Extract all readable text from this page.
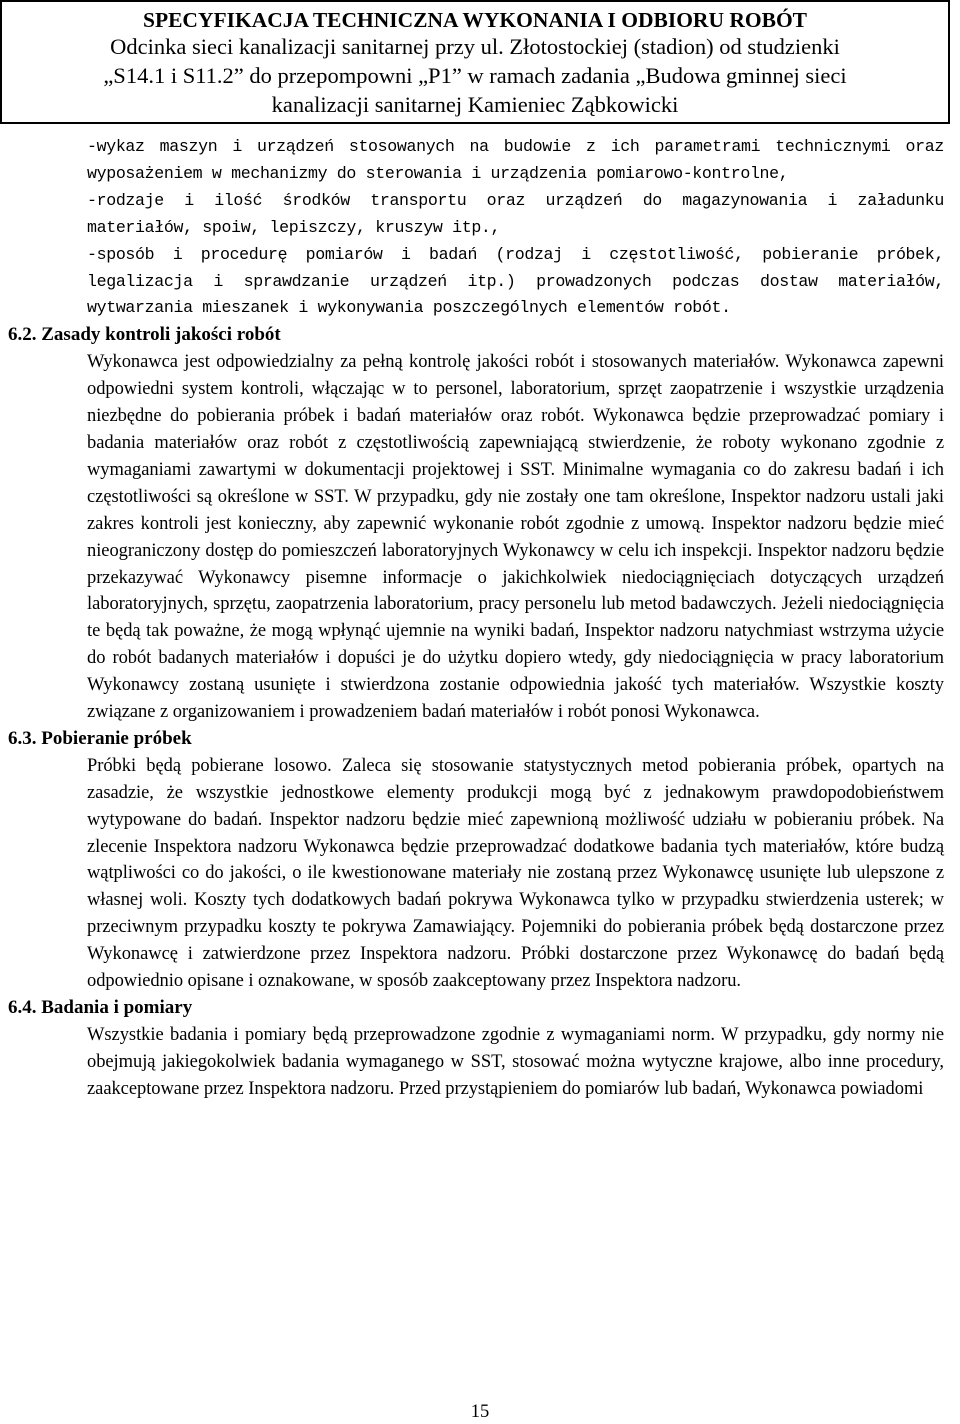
SPECYFIKACJA TECHNICZNA WYKONANIA I ODBIORU ROBÓT
Odcinka sieci kanalizacji sanitarnej przy ul. Złotostockiej (stadion) od studzienki
„S14.1 i S11.2” do przepompowni „P1” w ramach zadania „Budowa gminnej sieci
kanalizacji sanitarnej Kamieniec Ząbkowicki

-wykaz maszyn i urządzeń stosowanych na budowie z ich parametrami technicznymi oraz wyposażeniem w mechanizmy do sterowania i urządzenia pomiarowo-kontrolne,

-rodzaje i ilość środków transportu oraz urządzeń do magazynowania i załadunku materiałów, spoiw, lepiszczy, kruszyw itp.,

-sposób i procedurę pomiarów i badań (rodzaj i częstotliwość, pobieranie próbek, legalizacja i sprawdzanie urządzeń itp.) prowadzonych podczas dostaw materiałów, wytwarzania mieszanek i wykonywania poszczególnych elementów robót.

6.2. Zasady kontroli jakości robót

Wykonawca jest odpowiedzialny za pełną kontrolę jakości robót i stosowanych materiałów. Wykonawca zapewni odpowiedni system kontroli, włączając w to personel, laboratorium, sprzęt zaopatrzenie i wszystkie urządzenia niezbędne do pobierania próbek i badań materiałów oraz robót. Wykonawca będzie przeprowadzać pomiary i badania materiałów oraz robót z częstotliwością zapewniającą stwierdzenie, że roboty wykonano zgodnie z wymaganiami zawartymi w dokumentacji projektowej i SST. Minimalne wymagania co do zakresu badań i ich częstotliwości są określone w SST. W przypadku, gdy nie zostały one tam określone, Inspektor nadzoru ustali jaki zakres kontroli jest konieczny, aby zapewnić wykonanie robót zgodnie z umową. Inspektor nadzoru będzie mieć nieograniczony dostęp do pomieszczeń laboratoryjnych Wykonawcy w celu ich inspekcji. Inspektor nadzoru będzie przekazywać Wykonawcy pisemne informacje o jakichkolwiek niedociągnięciach dotyczących urządzeń laboratoryjnych, sprzętu, zaopatrzenia laboratorium, pracy personelu lub metod badawczych. Jeżeli niedociągnięcia te będą tak poważne, że mogą wpłynąć ujemnie na wyniki badań, Inspektor nadzoru natychmiast wstrzyma użycie do robót badanych materiałów i dopuści je do użytku dopiero wtedy, gdy niedociągnięcia w pracy laboratorium Wykonawcy zostaną usunięte i stwierdzona zostanie odpowiednia jakość tych materiałów. Wszystkie koszty związane z organizowaniem i prowadzeniem badań materiałów i robót ponosi Wykonawca.

6.3. Pobieranie próbek

Próbki będą pobierane losowo. Zaleca się stosowanie statystycznych metod pobierania próbek, opartych na zasadzie, że wszystkie jednostkowe elementy produkcji mogą być z jednakowym prawdopodobieństwem wytypowane do badań. Inspektor nadzoru będzie mieć zapewnioną możliwość udziału w pobieraniu próbek. Na zlecenie Inspektora nadzoru Wykonawca będzie przeprowadzać dodatkowe badania tych materiałów, które budzą wątpliwości co do jakości, o ile kwestionowane materiały nie zostaną przez Wykonawcę usunięte lub ulepszone z własnej woli. Koszty tych dodatkowych badań pokrywa Wykonawca tylko w przypadku stwierdzenia usterek; w przeciwnym przypadku koszty te pokrywa Zamawiający. Pojemniki do pobierania próbek będą dostarczone przez Wykonawcę i zatwierdzone przez Inspektora nadzoru. Próbki dostarczone przez Wykonawcę do badań będą odpowiednio opisane i oznakowane, w sposób zaakceptowany przez Inspektora nadzoru.

6.4. Badania i pomiary

Wszystkie badania i pomiary będą przeprowadzone zgodnie z wymaganiami norm. W przypadku, gdy normy nie obejmują jakiegokolwiek badania wymaganego w SST, stosować można wytyczne krajowe, albo inne procedury, zaakceptowane przez Inspektora nadzoru. Przed przystąpieniem do pomiarów lub badań, Wykonawca powiadomi

15
